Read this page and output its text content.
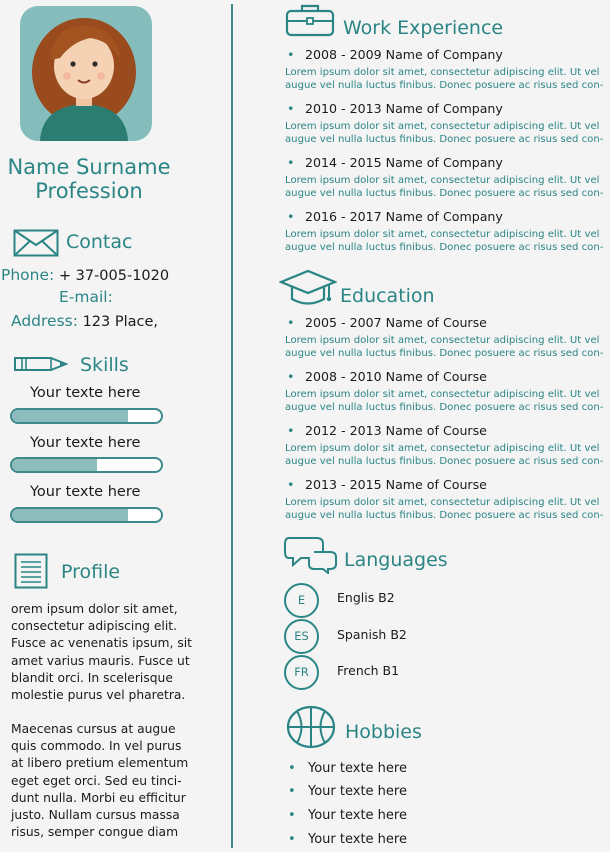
Name Surname
Profession
Contac
Phone: + 37-005-1020
E-mail:
Address: 123 Place,
Skills
Your texte here
Your texte here
Your texte here
Profile
orem ipsum dolor sit amet,
consectetur adipiscing elit.
Fusce ac venenatis ipsum, sit
amet varius mauris. Fusce ut
blandit orci. In scelerisque
molestie purus vel pharetra.
Maecenas cursus at augue
quis commodo. In vel purus
at libero pretium elementum
eget eget orci. Sed eu tinci-
dunt nulla. Morbi eu efficitur
justo. Nullam cursus massa
risus, semper congue diam
Work Experience
• 2008 - 2009 Name of Company
Lorem ipsum dolor sit amet, consectetur adipiscing elit. Ut vel
augue vel nulla luctus finibus. Donec posuere ac risus sed con-
• 2010 - 2013 Name of Company
Lorem ipsum dolor sit amet, consectetur adipiscing elit. Ut vel
augue vel nulla luctus finibus. Donec posuere ac risus sed con-
• 2014 - 2015 Name of Company
Lorem ipsum dolor sit amet, consectetur adipiscing elit. Ut vel
augue vel nulla luctus finibus. Donec posuere ac risus sed con-
• 2016 - 2017 Name of Company
Lorem ipsum dolor sit amet, consectetur adipiscing elit. Ut vel
augue vel nulla luctus finibus. Donec posuere ac risus sed con-
Education
• 2005 - 2007 Name of Course
Lorem ipsum dolor sit amet, consectetur adipiscing elit. Ut vel
augue vel nulla luctus finibus. Donec posuere ac risus sed con-
• 2008 - 2010 Name of Course
Lorem ipsum dolor sit amet, consectetur adipiscing elit. Ut vel
augue vel nulla luctus finibus. Donec posuere ac risus sed con-
• 2012 - 2013 Name of Course
Lorem ipsum dolor sit amet, consectetur adipiscing elit. Ut vel
augue vel nulla luctus finibus. Donec posuere ac risus sed con-
• 2013 - 2015 Name of Course
Lorem ipsum dolor sit amet, consectetur adipiscing elit. Ut vel
augue vel nulla luctus finibus. Donec posuere ac risus sed con-
Languages
E	Englis B2
ES	Spanish B2
FR	French B1
Hobbies
• Your texte here
• Your texte here
• Your texte here
• Your texte here
